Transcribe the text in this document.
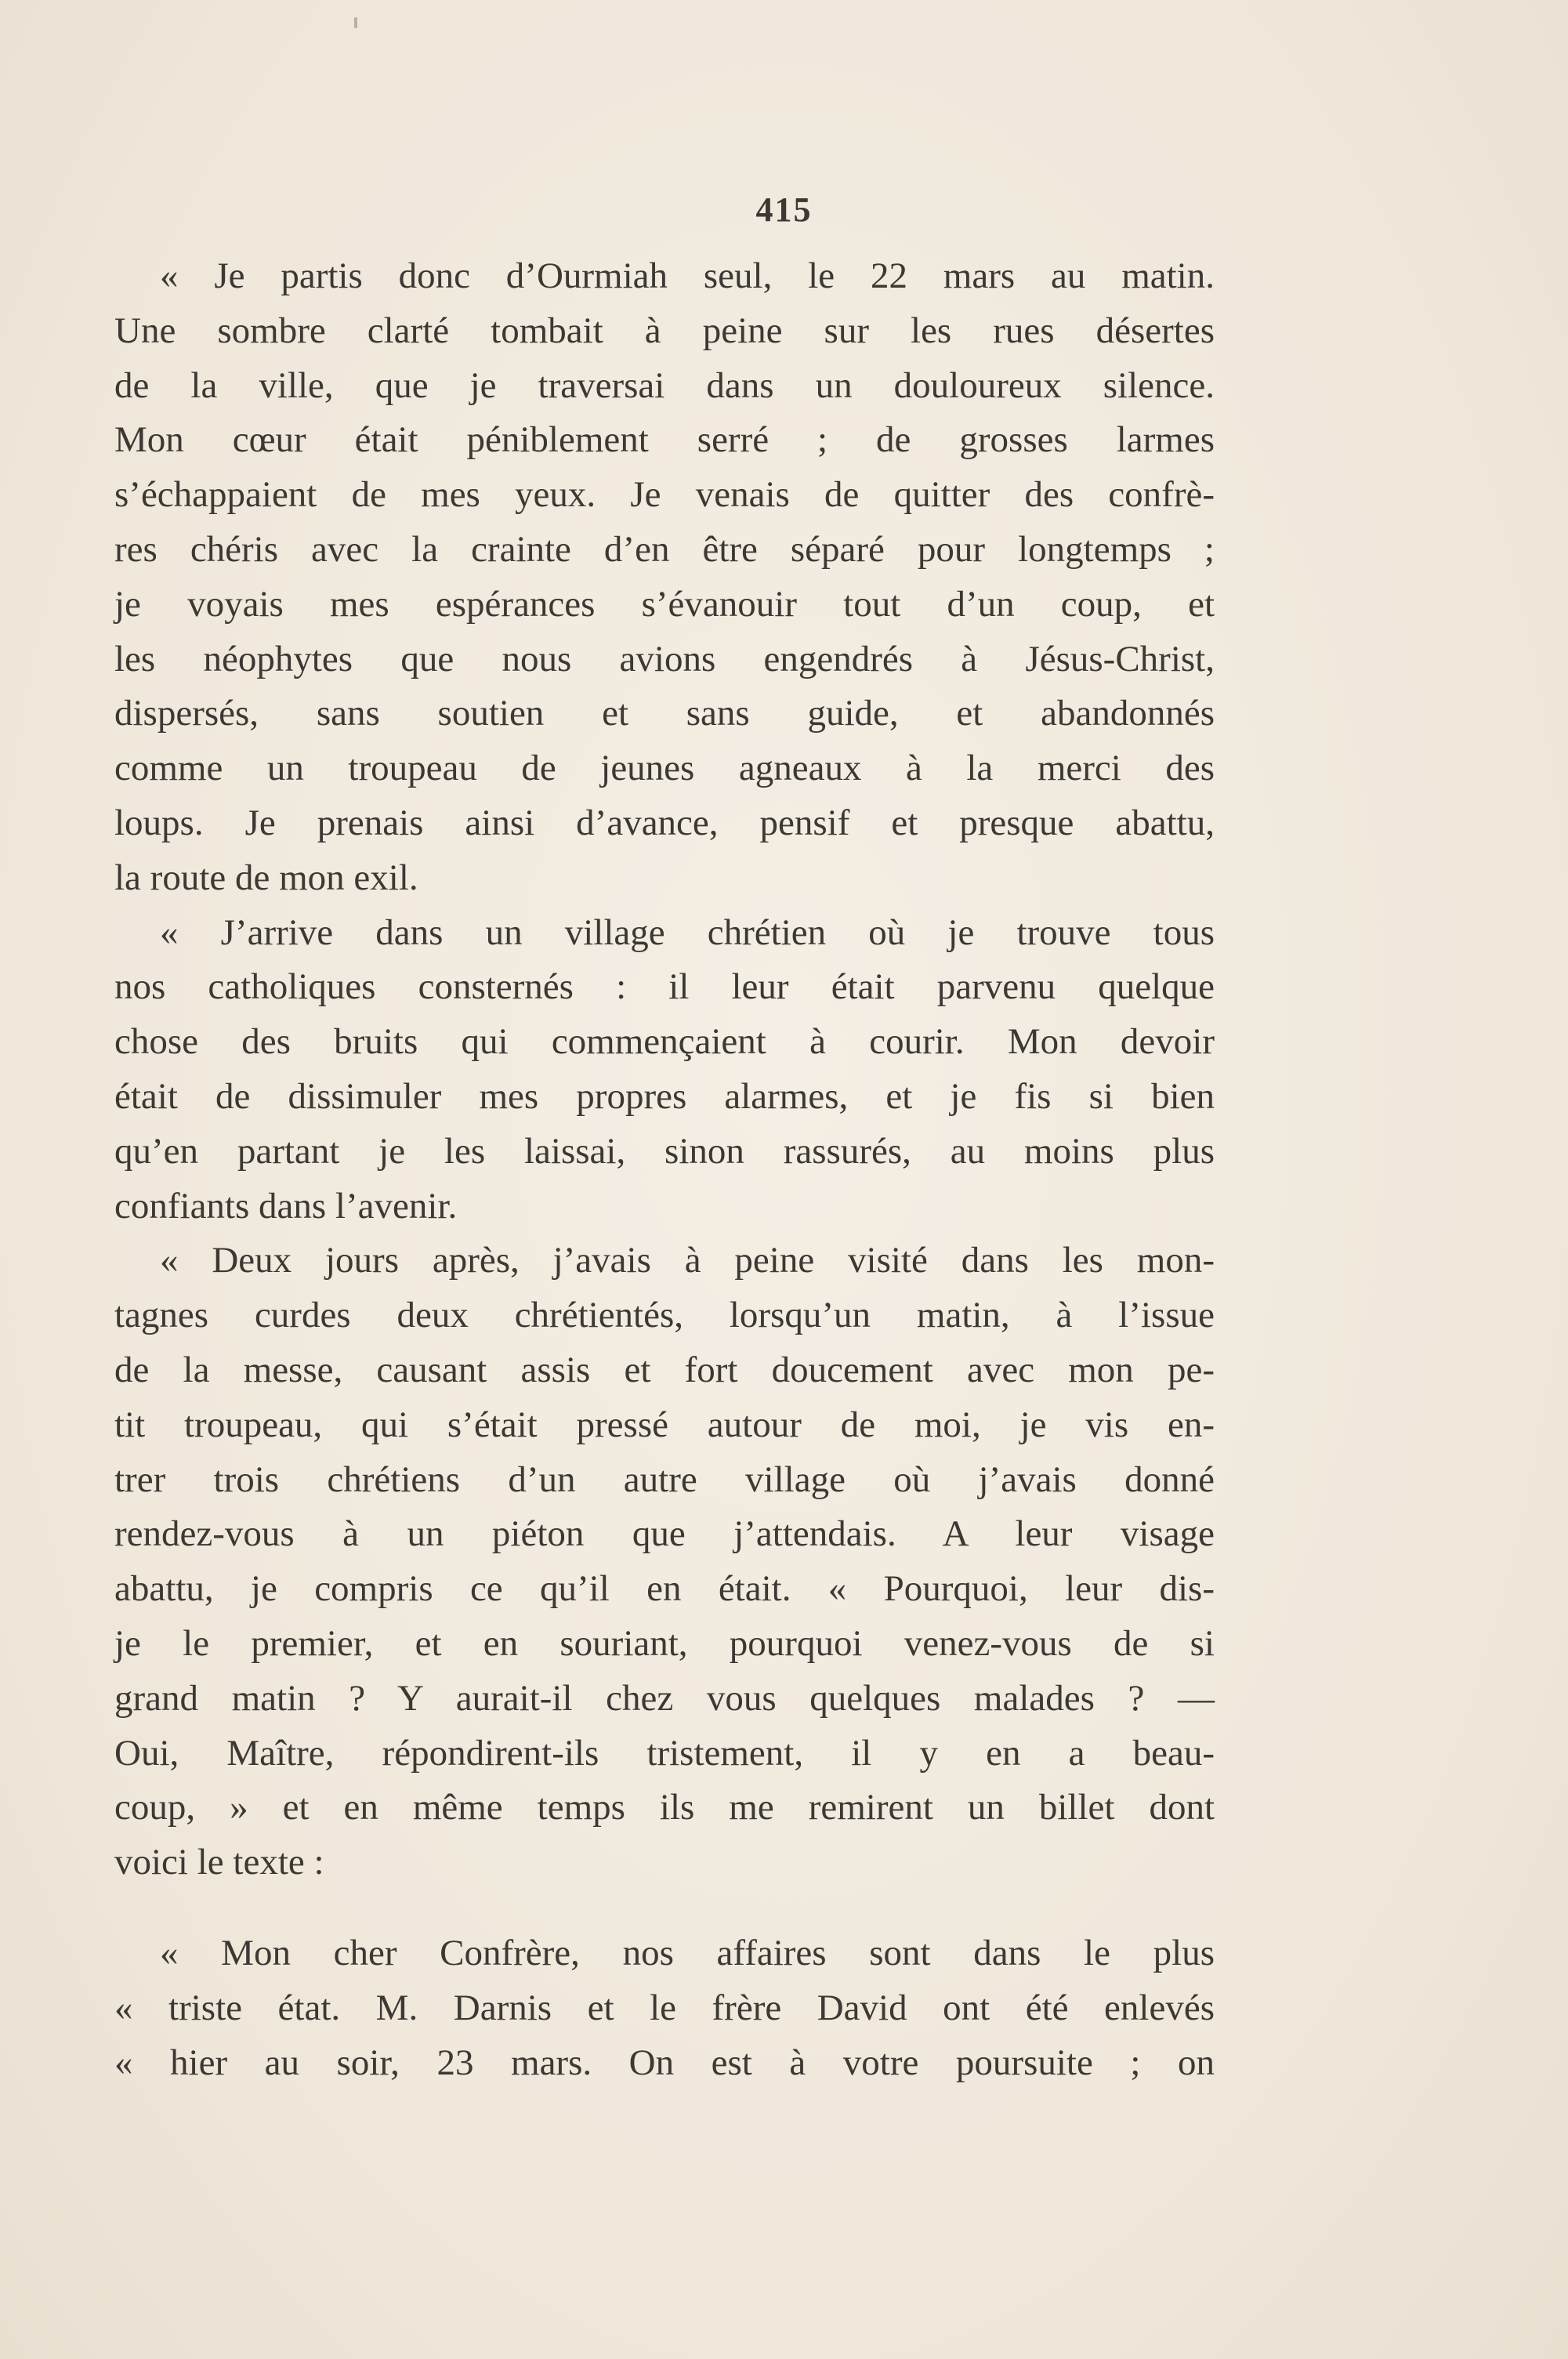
415
« Je partis donc d’Ourmiah seul, le 22 mars au matin.
Une sombre clarté tombait à peine sur les rues désertes
de la ville, que je traversai dans un douloureux silence.
Mon cœur était péniblement serré ; de grosses larmes
s’échappaient de mes yeux. Je venais de quitter des confrè-
res chéris avec la crainte d’en être séparé pour longtemps ;
je voyais mes espérances s’évanouir tout d’un coup, et
les néophytes que nous avions engendrés à Jésus-Christ,
dispersés, sans soutien et sans guide, et abandonnés
comme un troupeau de jeunes agneaux à la merci des
loups. Je prenais ainsi d’avance, pensif et presque abattu,
la route de mon exil.
« J’arrive dans un village chrétien où je trouve tous
nos catholiques consternés : il leur était parvenu quelque
chose des bruits qui commençaient à courir. Mon devoir
était de dissimuler mes propres alarmes, et je fis si bien
qu’en partant je les laissai, sinon rassurés, au moins plus
confiants dans l’avenir.
« Deux jours après, j’avais à peine visité dans les mon-
tagnes curdes deux chrétientés, lorsqu’un matin, à l’issue
de la messe, causant assis et fort doucement avec mon pe-
tit troupeau, qui s’était pressé autour de moi, je vis en-
trer trois chrétiens d’un autre village où j’avais donné
rendez-vous à un piéton que j’attendais. A leur visage
abattu, je compris ce qu’il en était. « Pourquoi, leur dis-
je le premier, et en souriant, pourquoi venez-vous de si
grand matin ? Y aurait-il chez vous quelques malades ? —
Oui, Maître, répondirent-ils tristement, il y en a beau-
coup, » et en même temps ils me remirent un billet dont
voici le texte :
« Mon cher Confrère, nos affaires sont dans le plus
« triste état. M. Darnis et le frère David ont été enlevés
« hier au soir, 23 mars. On est à votre poursuite ; on
